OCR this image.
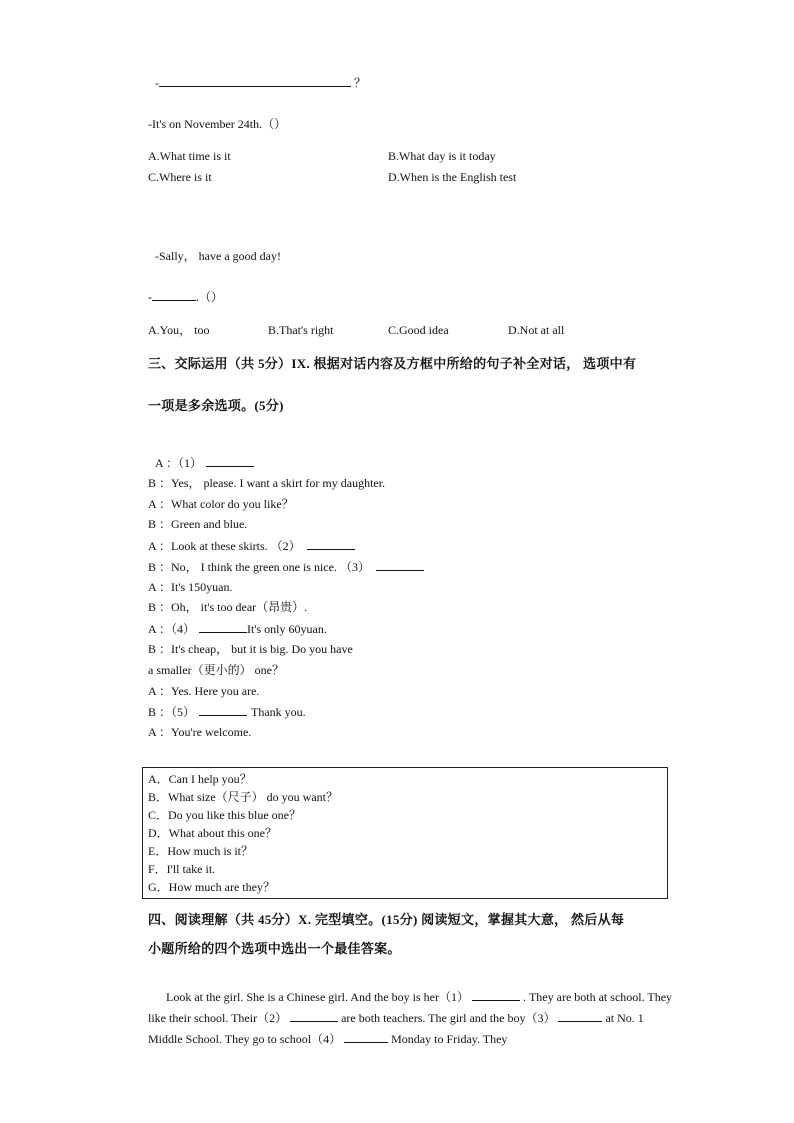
-	？
-It's on November 24th.（）
A.What time is it	B.What day is it today
C.Where is it	D.When is the English test
-Sally， have a good day!
-	.（）
A.You， too	B.That's right	C.Good idea	D.Not at all
三、交际运用（共 5分）IX. 根据对话内容及方框中所给的句子补全对话， 选项中有
一项是多余选项。(5分)
A ：（1）
B ：Yes， please. I want a skirt for my daughter.
A ：What color do you like？
B ：Green and blue.
A ：Look at these skirts. （2）
B ：No， I think the green one is nice. （3）
A ：It's 150yuan.
B ：Oh， it's too dear（昂贵）.
A ：（4）	It's only 60yuan.
B ：It's cheap， but it is big. Do you have
a smaller（更小的） one？
A ：Yes. Here you are.
B ：（5）	Thank you.
A ：You're welcome.
A．Can I help you？
B．What size（尺子） do you want？
C．Do you like this blue one？
D．What about this one？
E．How much is it？
F．I'll take it.
G．How much are they？
四、阅读理解（共 45分）X. 完型填空。(15分) 阅读短文，掌握其大意， 然后从每
小题所给的四个选项中选出一个最佳答案。
Look at the girl. She is a Chinese girl. And the boy is her（1）	. They are both at school. They like their school. Their（2）	are both teachers. The girl and the boy（3）	at No. 1 Middle School. They go to school（4）	Monday to Friday. They
